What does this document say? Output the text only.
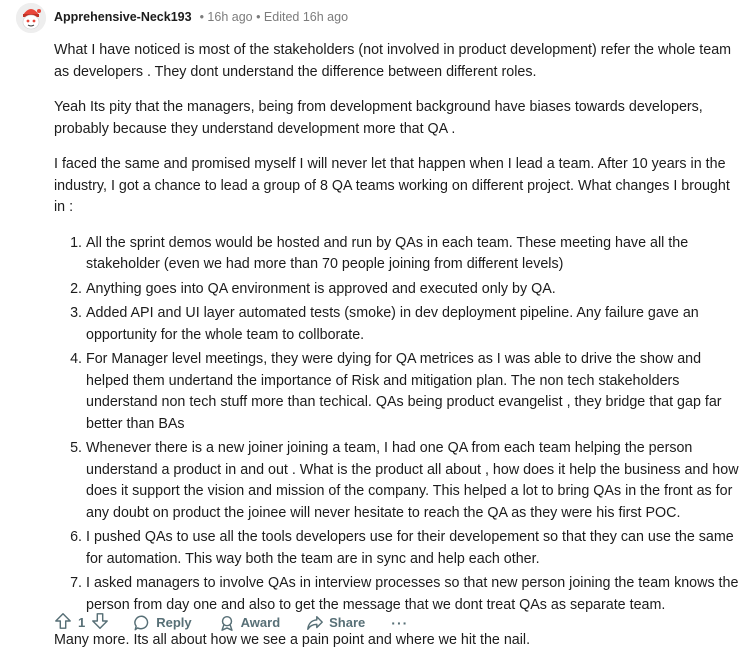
Apprehensive-Neck193 • 16h ago • Edited 16h ago

What I have noticed is most of the stakeholders (not involved in product development) refer the whole team as developers . They dont understand the difference between different roles.

Yeah Its pity that the managers, being from development background have biases towards developers, probably because they understand development more that QA .

I faced the same and promised myself I will never let that happen when I lead a team. After 10 years in the industry, I got a chance to lead a group of 8 QA teams working on different project. What changes I brought in :

1. All the sprint demos would be hosted and run by QAs in each team. These meeting have all the stakeholder (even we had more than 70 people joining from different levels)
2. Anything goes into QA environment is approved and executed only by QA.
3. Added API and UI layer automated tests (smoke) in dev deployment pipeline. Any failure gave an opportunity for the whole team to collborate.
4. For Manager level meetings, they were dying for QA metrices as I was able to drive the show and helped them undertand the importance of Risk and mitigation plan. The non tech stakeholders understand non tech stuff more than techical. QAs being product evangelist , they bridge that gap far better than BAs
5. Whenever there is a new joiner joining a team, I had one QA from each team helping the person understand a product in and out . What is the product all about , how does it help the business and how does it support the vision and mission of the company. This helped a lot to bring QAs in the front as for any doubt on product the joinee will never hesitate to reach the QA as they were his first POC.
6. I pushed QAs to use all the tools developers use for their developement so that they can use the same for automation. This way both the team are in sync and help each other.
7. I asked managers to involve QAs in interview processes so that new person joining the team knows the person from day one and also to get the message that we dont treat QAs as separate team.

Many more. Its all about how we see a pain point and where we hit the nail.

1	Reply	Award	Share ···
